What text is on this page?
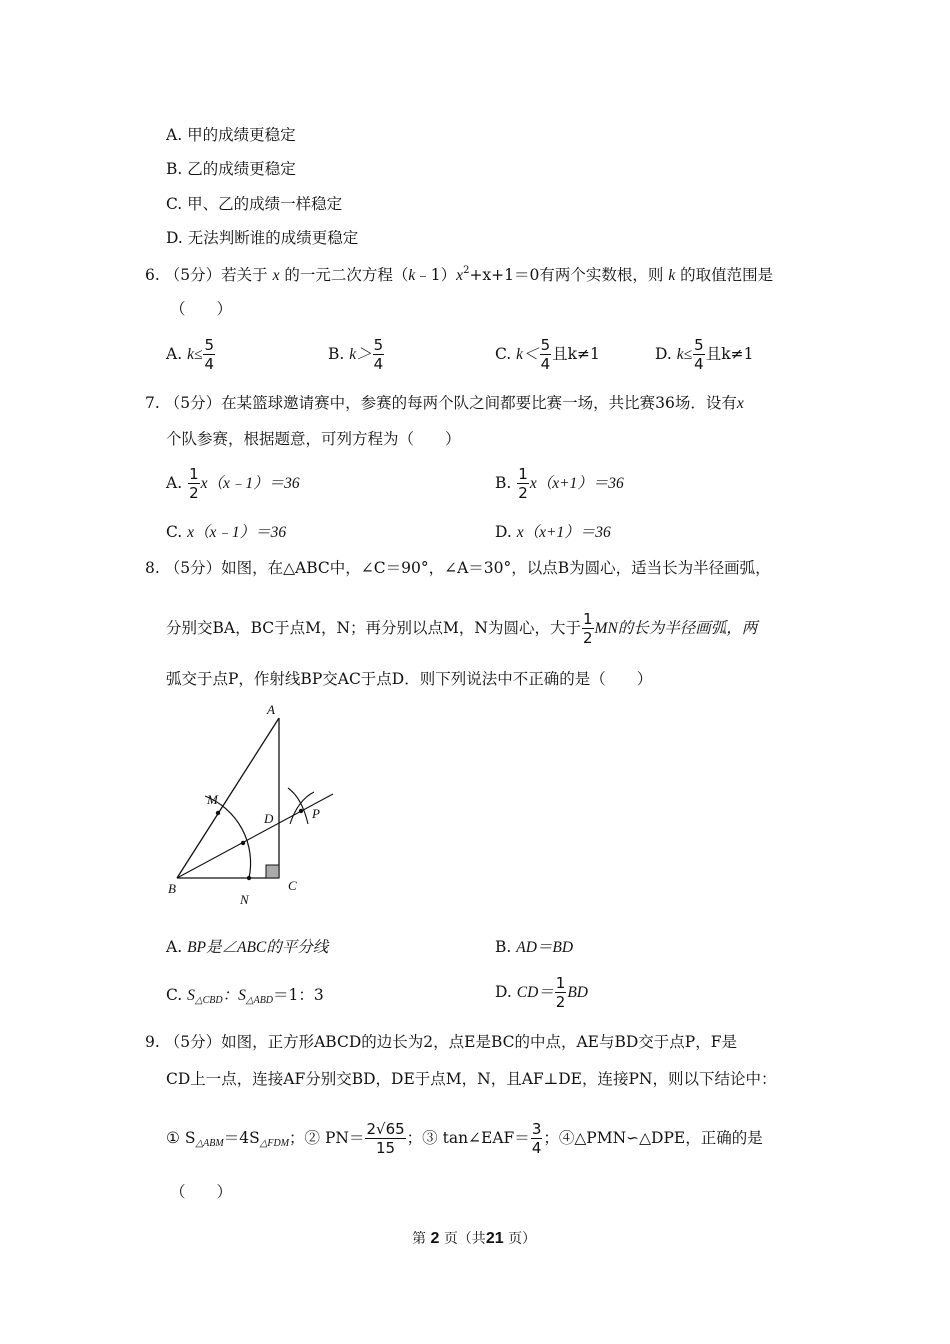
A. 甲的成绩更稳定
B. 乙的成绩更稳定
C. 甲、乙的成绩一样稳定
D. 无法判断谁的成绩更稳定
6. （5分）若关于 x 的一元二次方程$(k﹣1)x^2+x+1=0$有两个实数根，则 k 的取值范围是
（　　）
A. $k\le \frac{5}{4}$	B. $k> \frac{5}{4}$	C. $k< \frac{5}{4}$ 且k≠1	D. $k\le \frac{5}{4}$ 且k≠1
7. （5分）在某篮球邀请赛中，参赛的每两个队之间都要比赛一场，共比赛36场．设有x
个队参赛，根据题意，可列方程为（　　）
A. $\frac{1}{2}$ x（x﹣1）＝36	B. $\frac{1}{2} x(x+1)=36$
C. x（x﹣1）＝36	D. x（x+1）＝36
8. （5分）如图，在△ABC中，∠C＝90°，∠A＝30°，以点B为圆心，适当长为半径画弧，
分别交BA，BC于点M，N；再分别以点M，N为圆心，大于 $\frac{1}{2}$ MN的长为半径画弧，两
弧交于点P，作射线BP交AC于点D．则下列说法中不正确的是（　　）
A
B	C
M
N
D	P
A. BP是∠ABC的平分线	B. AD＝BD
C. $S_{\triangle CBD}$：$S_{\triangle ABD}=1$：3	D. $CD= \frac{1}{2}$ BD
9. （5分）如图，正方形ABCD的边长为2，点E是BC的中点，AE与BD交于点P，F是
CD上一点，连接AF分别交BD，DE于点M，N，且AF⊥DE，连接PN，则以下结论中：
① $S_{\triangle ABM}=4S_{\triangle FDM}$；② $PN= \frac{2√65}{15}$ ；③ tan∠EAF＝ $\frac{3}{4}$ ；④△PMN∽△DPE，正确的是
（　　）
第 2 页（共21 页）
